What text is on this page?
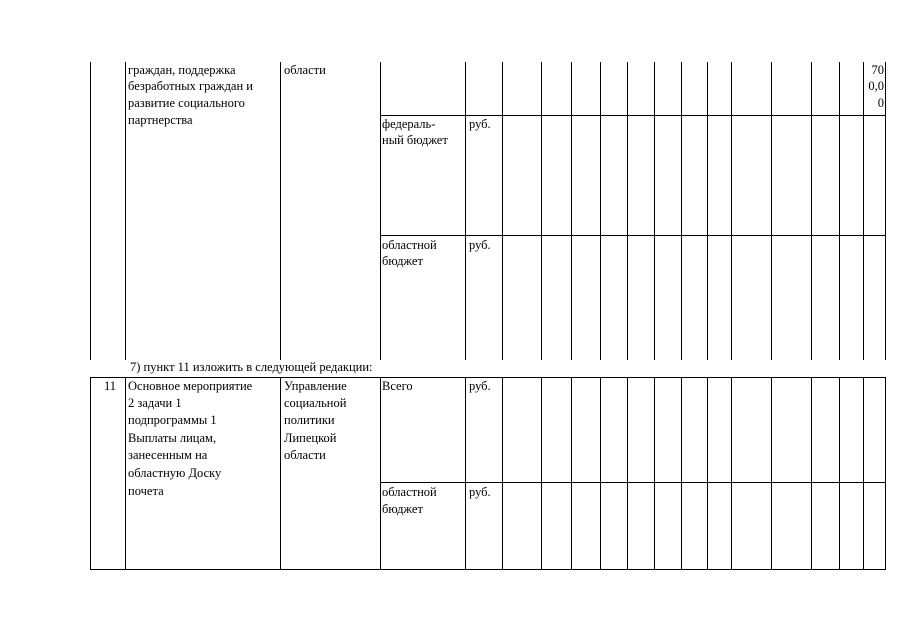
граждан, поддержка
безработных граждан и
развитие социального
партнерства
области
федераль-
ный бюджет
руб.
областной
бюджет
руб.
70
0,0
0
7) пункт 11 изложить в следующей редакции:
11 Основное мероприятие
2 задачи 1
подпрограммы 1
Выплаты лицам,
занесенным на
областную Доску
почета
Управление
социальной
политики
Липецкой
области
Всего	руб.
областной
бюджет
руб.
